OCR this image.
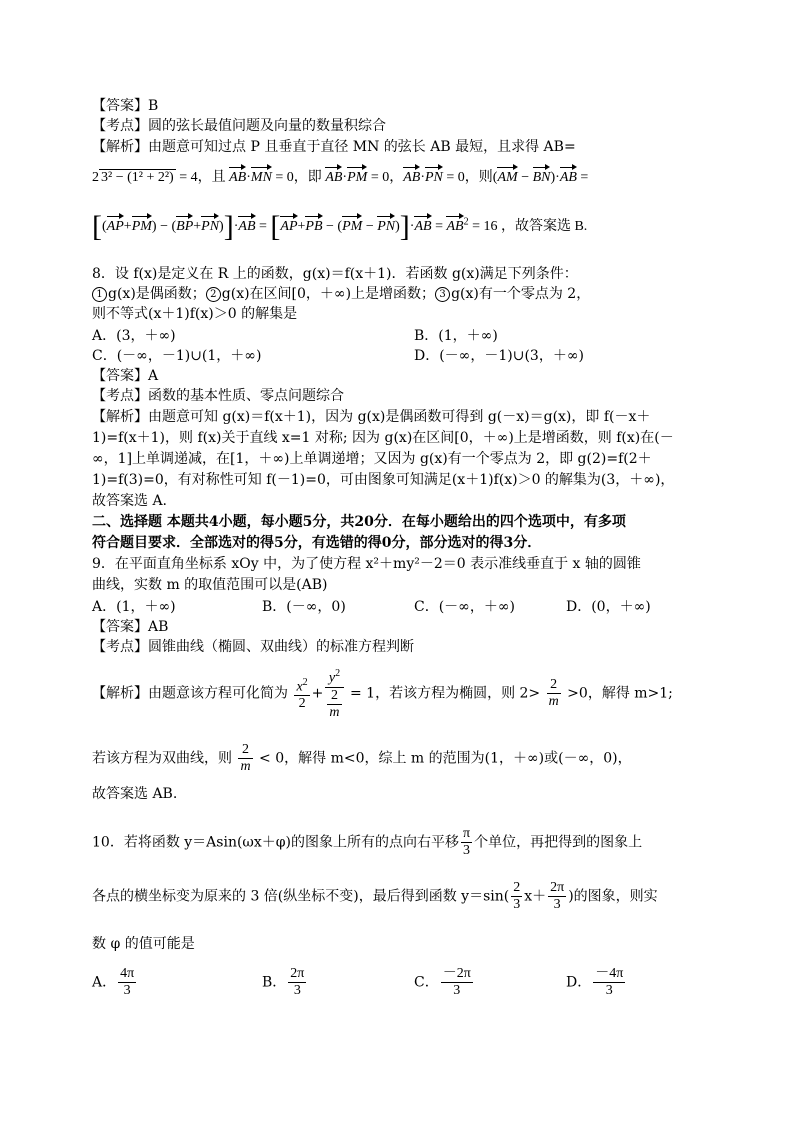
【答案】B
【考点】圆的弦长最值问题及向量的数量积综合
【解析】由题意可知过点 P 且垂直于直径 MN 的弦长 AB 最短，且求得 AB=
2 3² − (1² + 2²) = 4，且 AB·MN = 0，即 AB·PM = 0，AB·PN = 0，则(AM − BN)·AB =
$[(AP+PM) - (BP+PN)]\cdot AB = [AP+PB - (PM - PN)]\cdot AB = AB^2 = 16$ ，故答案选 B.
8．设 f(x)是定义在 R 上的函数，g(x)＝f(x＋1)．若函数 g(x)满足下列条件：
1 g(x)是偶函数； 2 g(x)在区间[0，＋∞)上是增函数； 3 g(x)有一个零点为 2，
则不等式(x＋1)f(x)＞0 的解集是
A．(3，＋∞)	B．(1，＋∞)
C．(－∞，－1)∪(1，＋∞)	D．(－∞，－1)∪(3，＋∞)
【答案】A
【考点】函数的基本性质、零点问题综合
【解析】由题意可知 g(x)＝f(x＋1)，因为 g(x)是偶函数可得到 g(－x)＝g(x)，即 f(－x＋
1)=f(x＋1)，则 f(x)关于直线 x=1 对称; 因为 g(x)在区间[0，＋∞)上是增函数，则 f(x)在(－
∞，1]上单调递减，在[1，＋∞)上单调递增；又因为 g(x)有一个零点为 2，即 g(2)=f(2＋
1)=f(3)=0，有对称性可知 f(－1)=0，可由图象可知满足(x＋1)f(x)＞0 的解集为(3，＋∞)，
故答案选 A.
二、选择题 本题共4小题，每小题5分，共20分．在每小题给出的四个选项中，有多项
符合题目要求．全部选对的得5分，有选错的得0分，部分选对的得3分．
9．在平面直角坐标系 xOy 中，为了使方程 x²＋my²－2＝0 表示准线垂直于 x 轴的圆锥
曲线，实数 m 的取值范围可以是(AB)
A．(1，＋∞)	B．(－∞，0)	C．(－∞，＋∞)	D．(0，＋∞)
【答案】AB
【考点】圆锥曲线（椭圆、双曲线）的标准方程判断
【解析】由题意该方程可化简为 $\frac{x^2}{2} + \frac{y^2}{\frac{2}{m}} = 1$，若该方程为椭圆，则 $2> \frac{2}{m} >0$，解得 m>1;
若该方程为双曲线，则 $\frac{2}{m} < 0$，解得 m<0，综上 m 的范围为(1，＋∞)或(－∞，0)，
故答案选 AB.
10．若将函数 y＝Asin(ωx＋φ)的图象上所有的点向右平移 $\frac{\pi}{3}$ 个单位，再把得到的图象上
各点的横坐标变为原来的 3 倍(纵坐标不变)，最后得到函数 $y=\sin( \frac{2}{3} x+ \frac{2\pi}{3}$ )的图象，则实
数 φ 的值可能是
A． $\frac{4\pi}{3}$	B． $\frac{2\pi}{3}$	C． $\frac{-2\pi}{3}$	D． $\frac{-4\pi}{3}$
